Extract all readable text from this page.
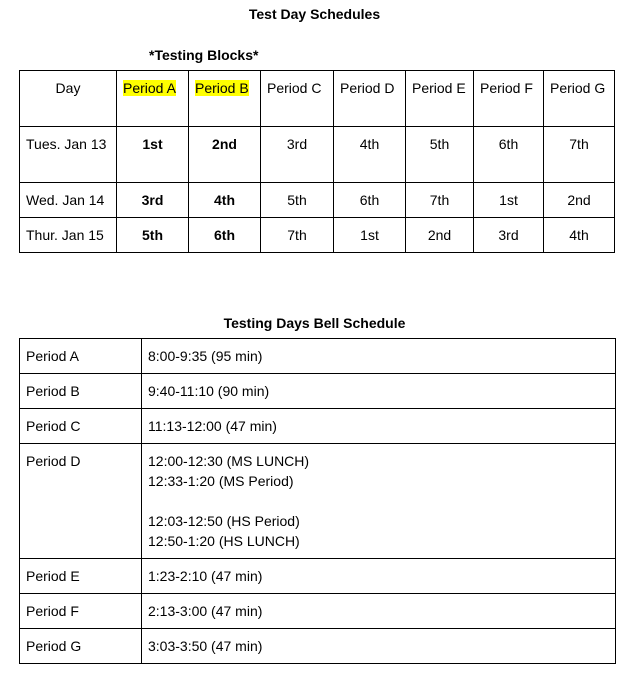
Test Day Schedules
*Testing Blocks*
Day	Period A	Period B	Period C	Period D	Period E	Period F	Period G
Tues. Jan 13	1st	2nd	3rd	4th	5th	6th	7th
Wed. Jan 14	3rd	4th	5th	6th	7th	1st	2nd
Thur. Jan 15	5th	6th	7th	1st	2nd	3rd	4th
Testing Days Bell Schedule
Period A	8:00-9:35 (95 min)
Period B	9:40-11:10 (90 min)
Period C	11:13-12:00 (47 min)
Period D	12:00-12:30 (MS LUNCH)
12:33-1:20 (MS Period)
12:03-12:50 (HS Period)
12:50-1:20 (HS LUNCH)

Period E	1:23-2:10 (47 min)
Period F	2:13-3:00 (47 min)
Period G	3:03-3:50 (47 min)
